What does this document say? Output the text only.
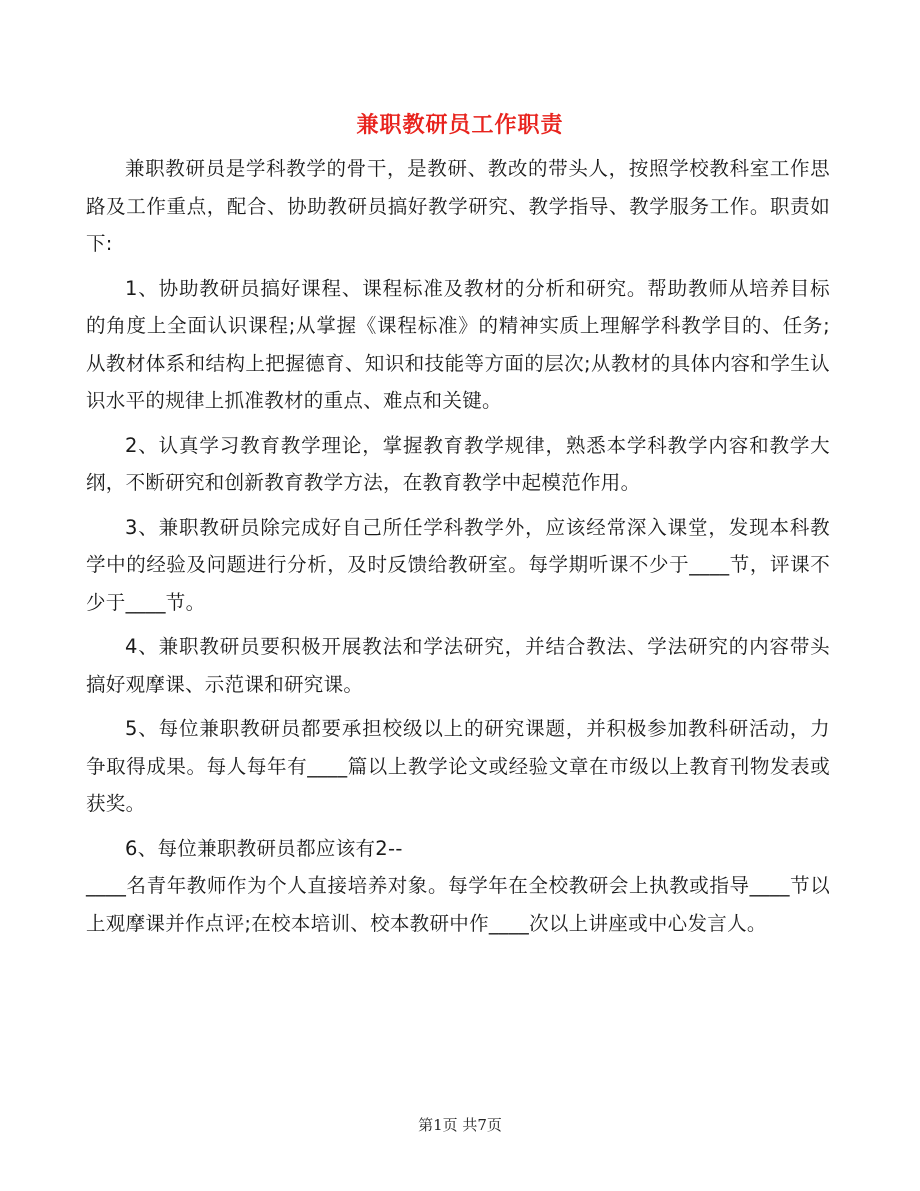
兼职教研员工作职责

兼职教研员是学科教学的骨干，是教研、教改的带头人，按照学校教科室工作思路及工作重点，配合、协助教研员搞好教学研究、教学指导、教学服务工作。职责如下:

1、协助教研员搞好课程、课程标准及教材的分析和研究。帮助教师从培养目标的角度上全面认识课程;从掌握《课程标准》的精神实质上理解学科教学目的、任务;从教材体系和结构上把握德育、知识和技能等方面的层次;从教材的具体内容和学生认识水平的规律上抓准教材的重点、难点和关键。

2、认真学习教育教学理论，掌握教育教学规律，熟悉本学科教学内容和教学大纲，不断研究和创新教育教学方法，在教育教学中起模范作用。

3、兼职教研员除完成好自己所任学科教学外，应该经常深入课堂，发现本科教学中的经验及问题进行分析，及时反馈给教研室。每学期听课不少于____节，评课不少于____节。

4、兼职教研员要积极开展教法和学法研究，并结合教法、学法研究的内容带头搞好观摩课、示范课和研究课。

5、每位兼职教研员都要承担校级以上的研究课题，并积极参加教科研活动，力争取得成果。每人每年有____篇以上教学论文或经验文章在市级以上教育刊物发表或获奖。

6、每位兼职教研员都应该有2--

____名青年教师作为个人直接培养对象。每学年在全校教研会上执教或指导____节以上观摩课并作点评;在校本培训、校本教研中作____次以上讲座或中心发言人。

第1页 共7页
